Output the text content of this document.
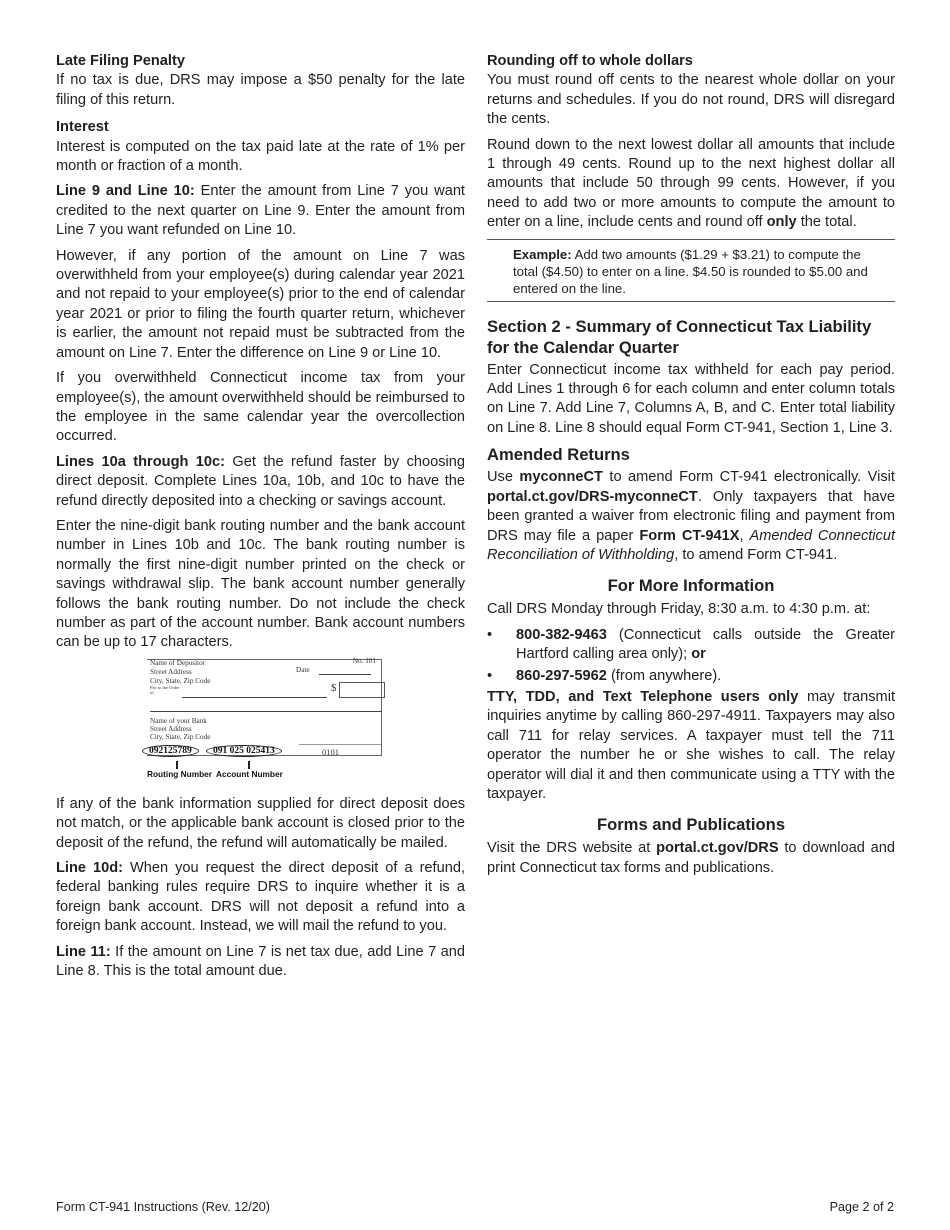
Late Filing Penalty
If no tax is due, DRS may impose a $50 penalty for the late filing of this return.
Interest
Interest is computed on the tax paid late at the rate of 1% per month or fraction of a month.
Line 9 and Line 10: Enter the amount from Line 7 you want credited to the next quarter on Line 9. Enter the amount from Line 7 you want refunded on Line 10.
However, if any portion of the amount on Line 7 was overwithheld from your employee(s) during calendar year 2021 and not repaid to your employee(s) prior to the end of calendar year 2021 or prior to filing the fourth quarter return, whichever is earlier, the amount not repaid must be subtracted from the amount on Line 7. Enter the difference on Line 9 or Line 10.
If you overwithheld Connecticut income tax from your employee(s), the amount overwithheld should be reimbursed to the employee in the same calendar year the overcollection occurred.
Lines 10a through 10c: Get the refund faster by choosing direct deposit. Complete Lines 10a, 10b, and 10c to have the refund directly deposited into a checking or savings account.
Enter the nine-digit bank routing number and the bank account number in Lines 10b and 10c. The bank routing number is normally the first nine-digit number printed on the check or savings withdrawal slip. The bank account number generally follows the bank routing number. Do not include the check number as part of the account number. Bank account numbers can be up to 17 characters.
Name of Depositor
Street Address
City, State, Zip Code
Pay to the Order of
No. 101
Date
$
Name of your Bank
Street Address
City, State, Zip Code
092125789	091 025 025413	0101
Routing Number Account Number
If any of the bank information supplied for direct deposit does not match, or the applicable bank account is closed prior to the deposit of the refund, the refund will automatically be mailed.
Line 10d: When you request the direct deposit of a refund, federal banking rules require DRS to inquire whether it is a foreign bank account. DRS will not deposit a refund into a foreign bank account. Instead, we will mail the refund to you.
Line 11: If the amount on Line 7 is net tax due, add Line 7 and Line 8. This is the total amount due.
Rounding off to whole dollars
You must round off cents to the nearest whole dollar on your returns and schedules. If you do not round, DRS will disregard the cents.
Round down to the next lowest dollar all amounts that include 1 through 49 cents. Round up to the next highest dollar all amounts that include 50 through 99 cents. However, if you need to add two or more amounts to compute the amount to enter on a line, include cents and round off only the total.
Example: Add two amounts ($1.29 + $3.21) to compute the total ($4.50) to enter on a line. $4.50 is rounded to $5.00 and entered on the line.
Section 2 - Summary of Connecticut Tax Liability for the Calendar Quarter
Enter Connecticut income tax withheld for each pay period. Add Lines 1 through 6 for each column and enter column totals on Line 7. Add Line 7, Columns A, B, and C. Enter total liability on Line 8. Line 8 should equal Form CT-941, Section 1, Line 3.
Amended Returns
Use myconneCT to amend Form CT-941 electronically. Visit portal.ct.gov/DRS-myconneCT. Only taxpayers that have been granted a waiver from electronic filing and payment from DRS may file a paper Form CT-941X, Amended Connecticut Reconciliation of Withholding, to amend Form CT-941.
For More Information
Call DRS Monday through Friday, 8:30 a.m. to 4:30 p.m. at:
•	800-382-9463 (Connecticut calls outside the Greater Hartford calling area only); or
•	860-297-5962 (from anywhere).
TTY, TDD, and Text Telephone users only may transmit inquiries anytime by calling 860-297-4911. Taxpayers may also call 711 for relay services. A taxpayer must tell the 711 operator the number he or she wishes to call. The relay operator will dial it and then communicate using a TTY with the taxpayer.
Forms and Publications
Visit the DRS website at portal.ct.gov/DRS to download and print Connecticut tax forms and publications.
Form CT-941 Instructions (Rev. 12/20)	Page 2 of 2
